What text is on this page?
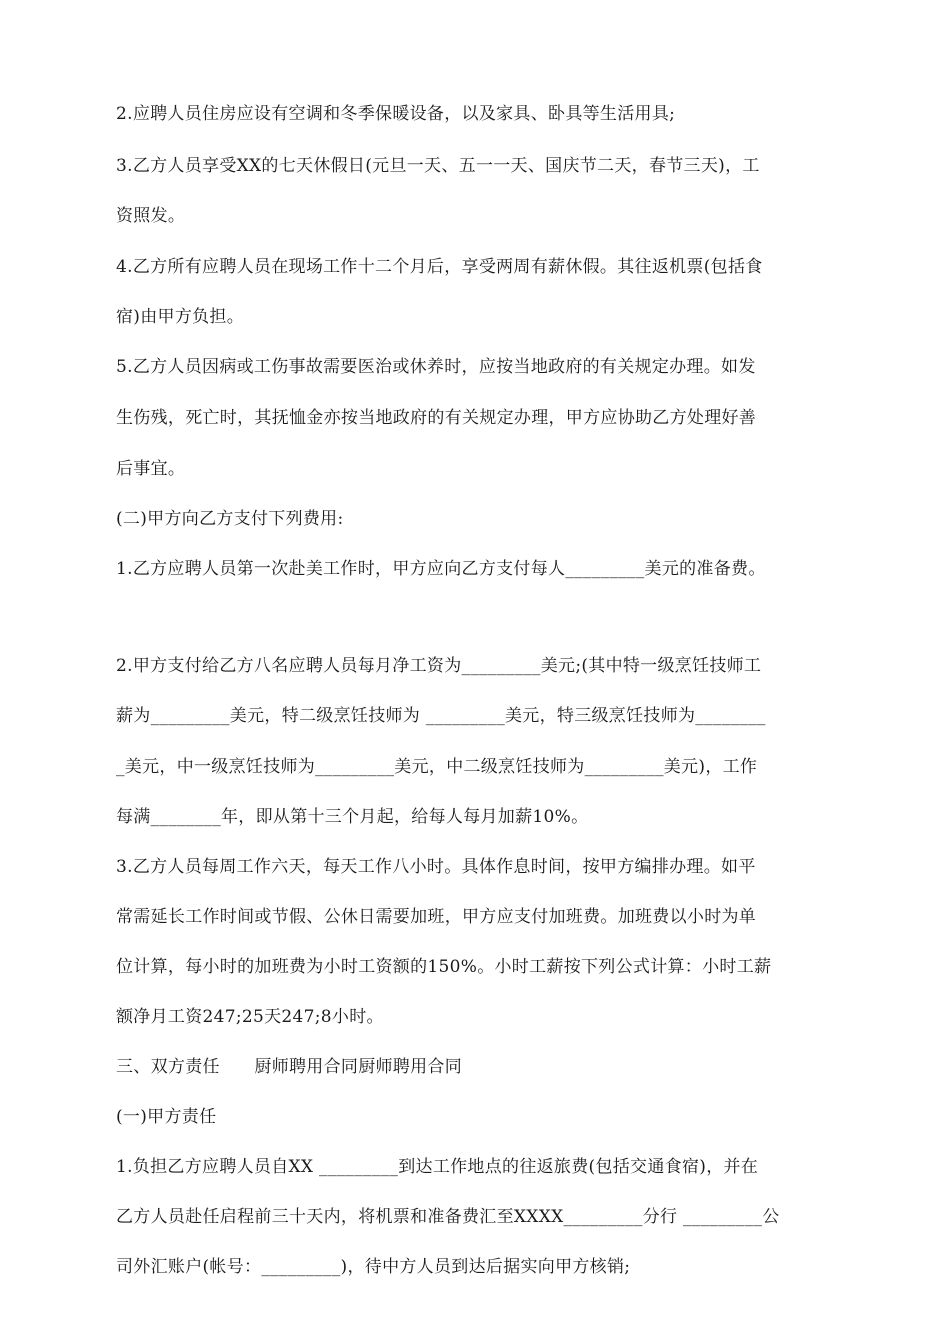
2.应聘人员住房应设有空调和冬季保暖设备，以及家具、卧具等生活用具;
3.乙方人员享受XX的七天休假日(元旦一天、五一一天、国庆节二天，春节三天)，工
资照发。
4.乙方所有应聘人员在现场工作十二个月后，享受两周有薪休假。其往返机票(包括食
宿)由甲方负担。
5.乙方人员因病或工伤事故需要医治或休养时，应按当地政府的有关规定办理。如发
生伤残，死亡时，其抚恤金亦按当地政府的有关规定办理，甲方应协助乙方处理好善
后事宜。
(二)甲方向乙方支付下列费用:
1.乙方应聘人员第一次赴美工作时，甲方应向乙方支付每人_________美元的准备费。
2.甲方支付给乙方八名应聘人员每月净工资为_________美元;(其中特一级烹饪技师工
薪为_________美元，特二级烹饪技师为 _________美元，特三级烹饪技师为________
_美元，中一级烹饪技师为_________美元，中二级烹饪技师为_________美元)，工作
每满________年，即从第十三个月起，给每人每月加薪10%。
3.乙方人员每周工作六天，每天工作八小时。具体作息时间，按甲方编排办理。如平
常需延长工作时间或节假、公休日需要加班，甲方应支付加班费。加班费以小时为单
位计算，每小时的加班费为小时工资额的150%。小时工薪按下列公式计算：小时工薪
额净月工资247;25天247;8小时。
三、双方责任　　厨师聘用合同厨师聘用合同
(一)甲方责任
1.负担乙方应聘人员自XX _________到达工作地点的往返旅费(包括交通食宿)，并在
乙方人员赴任启程前三十天内，将机票和准备费汇至XXXX_________分行 _________公
司外汇账户(帐号：_________)，待中方人员到达后据实向甲方核销;
